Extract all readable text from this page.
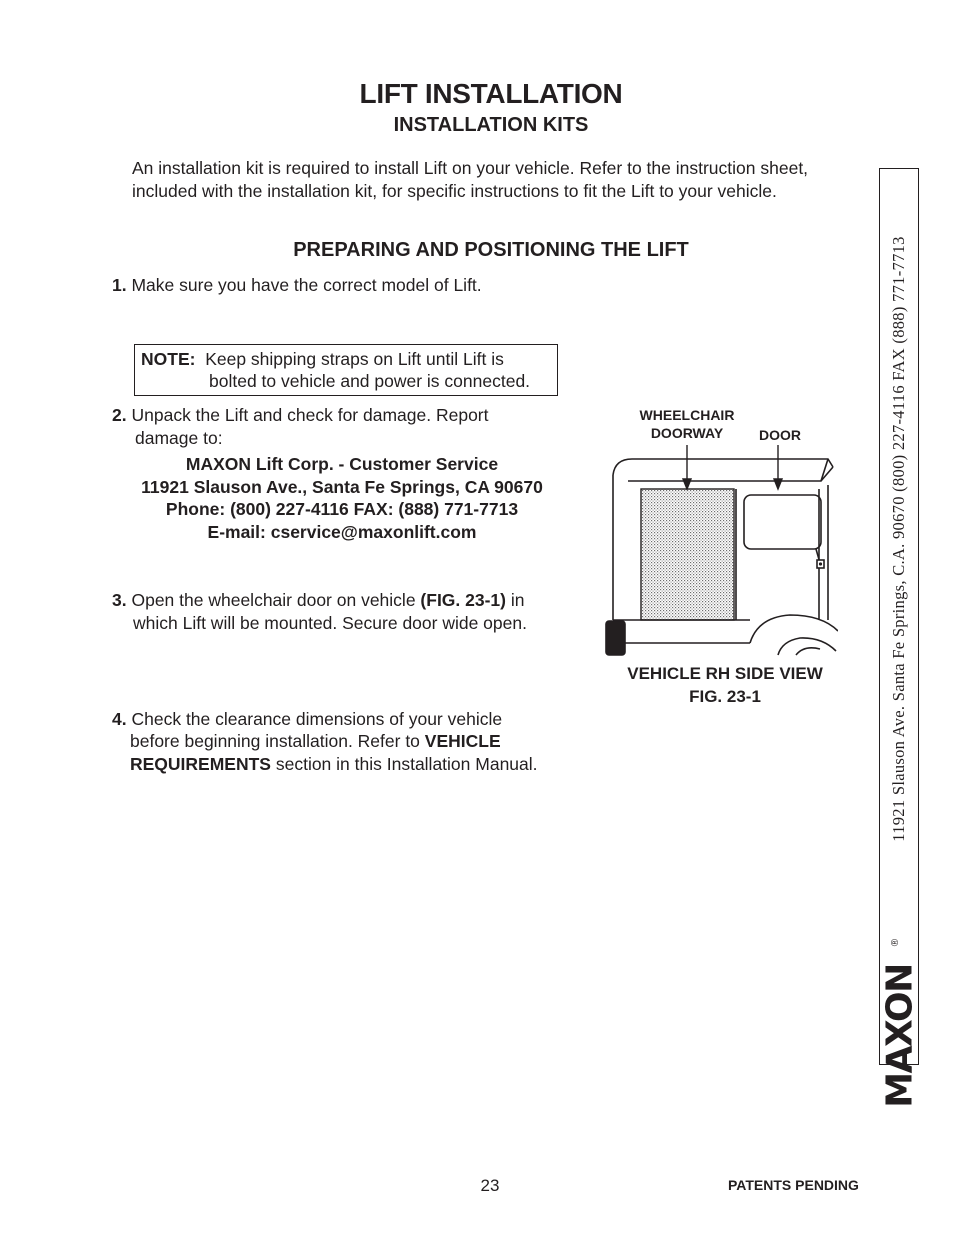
LIFT INSTALLATION
INSTALLATION KITS
An installation kit is required to install Lift on your vehicle. Refer to the instruction sheet,
included with the installation kit, for specific instructions to fit the Lift to your vehicle.
PREPARING AND POSITIONING THE LIFT
1. Make sure you have the correct model of Lift.
NOTE: Keep shipping straps on Lift until Lift is
bolted to vehicle and power is connected.
2. Unpack the Lift and check for damage. Report
damage to:
MAXON Lift Corp. - Customer Service
11921 Slauson Ave., Santa Fe Springs, CA 90670
Phone: (800) 227-4116 FAX: (888) 771-7713
E-mail: cservice@maxonlift.com
3. Open the wheelchair door on vehicle (FIG. 23-1) in
which Lift will be mounted. Secure door wide open.
4. Check the clearance dimensions of your vehicle
before beginning installation. Refer to VEHICLE
REQUIREMENTS section in this Installation Manual.
WHEELCHAIR
DOORWAY	DOOR
VEHICLE RH SIDE VIEW
FIG. 23-1	11921 Slauson Ave. Santa Fe Springs, C.A. 90670 (800) 227-4116 FAX (888) 771-7713
MAXON
®
23	PATENTS PENDING
